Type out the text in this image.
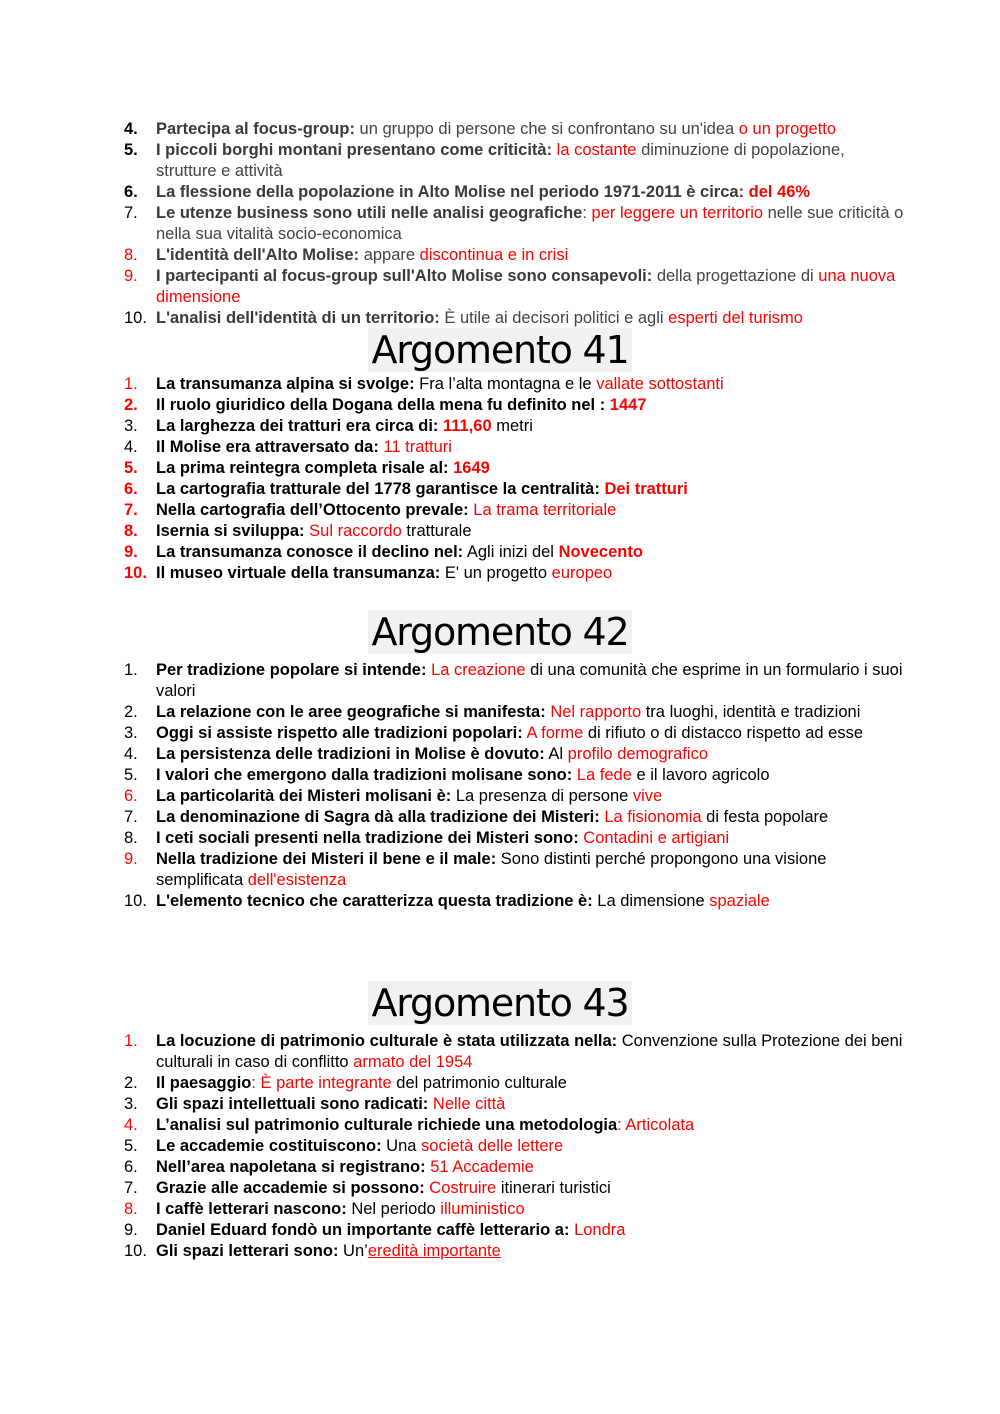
4.	Partecipa al focus-group: un gruppo di persone che si confrontano su un'idea o un progetto
5.	I piccoli borghi montani presentano come criticità: la costante diminuzione di popolazione, strutture e attività
6.	La flessione della popolazione in Alto Molise nel periodo 1971-2011 è circa: del 46%
7.	Le utenze business sono utili nelle analisi geografiche: per leggere un territorio nelle sue criticità o nella sua vitalità socio-economica
8.	L'identità dell'Alto Molise: appare discontinua e in crisi
9.	I partecipanti al focus-group sull'Alto Molise sono consapevoli: della progettazione di una nuova dimensione
10. L'analisi dell'identità di un territorio: È utile ai decisori politici e agli esperti del turismo
Argomento 41
1.	La transumanza alpina si svolge: Fra l’alta montagna e le vallate sottostanti
2.	Il ruolo giuridico della Dogana della mena fu definito nel : 1447
3.	La larghezza dei tratturi era circa di: 111,60 metri
4.	Il Molise era attraversato da: 11 tratturi
5.	La prima reintegra completa risale al: 1649
6.	La cartografia tratturale del 1778 garantisce la centralità: Dei tratturi
7.	Nella cartografia dell’Ottocento prevale: La trama territoriale
8.	Isernia si sviluppa: Sul raccordo tratturale
9.	La transumanza conosce il declino nel: Agli inizi del Novecento
10. Il museo virtuale della transumanza: E' un progetto europeo
Argomento 42
1.	Per tradizione popolare si intende: La creazione di una comunità che esprime in un formulario i suoi valori
2.	La relazione con le aree geografiche si manifesta: Nel rapporto tra luoghi, identità e tradizioni
3.	Oggi si assiste rispetto alle tradizioni popolari: A forme di rifiuto o di distacco rispetto ad esse
4.	La persistenza delle tradizioni in Molise è dovuto: Al profilo demografico
5.	I valori che emergono dalla tradizioni molisane sono: La fede e il lavoro agricolo
6.	La particolarità dei Misteri molisani è: La presenza di persone vive
7.	La denominazione di Sagra dà alla tradizione dei Misteri: La fisionomia di festa popolare
8.	I ceti sociali presenti nella tradizione dei Misteri sono: Contadini e artigiani
9.	Nella tradizione dei Misteri il bene e il male: Sono distinti perché propongono una visione semplificata dell'esistenza
10. L'elemento tecnico che caratterizza questa tradizione è: La dimensione spaziale
Argomento 43
1.	La locuzione di patrimonio culturale è stata utilizzata nella: Convenzione sulla Protezione dei beni culturali in caso di conflitto armato del 1954
2.	Il paesaggio: È parte integrante del patrimonio culturale
3.	Gli spazi intellettuali sono radicati: Nelle città
4.	L’analisi sul patrimonio culturale richiede una metodologia: Articolata
5.	Le accademie costituiscono: Una società delle lettere
6.	Nell’area napoletana si registrano: 51 Accademie
7.	Grazie alle accademie si possono: Costruire itinerari turistici
8.	I caffè letterari nascono: Nel periodo illuministico
9.	Daniel Eduard fondò un importante caffè letterario a: Londra
10. Gli spazi letterari sono: Un’eredità importante
